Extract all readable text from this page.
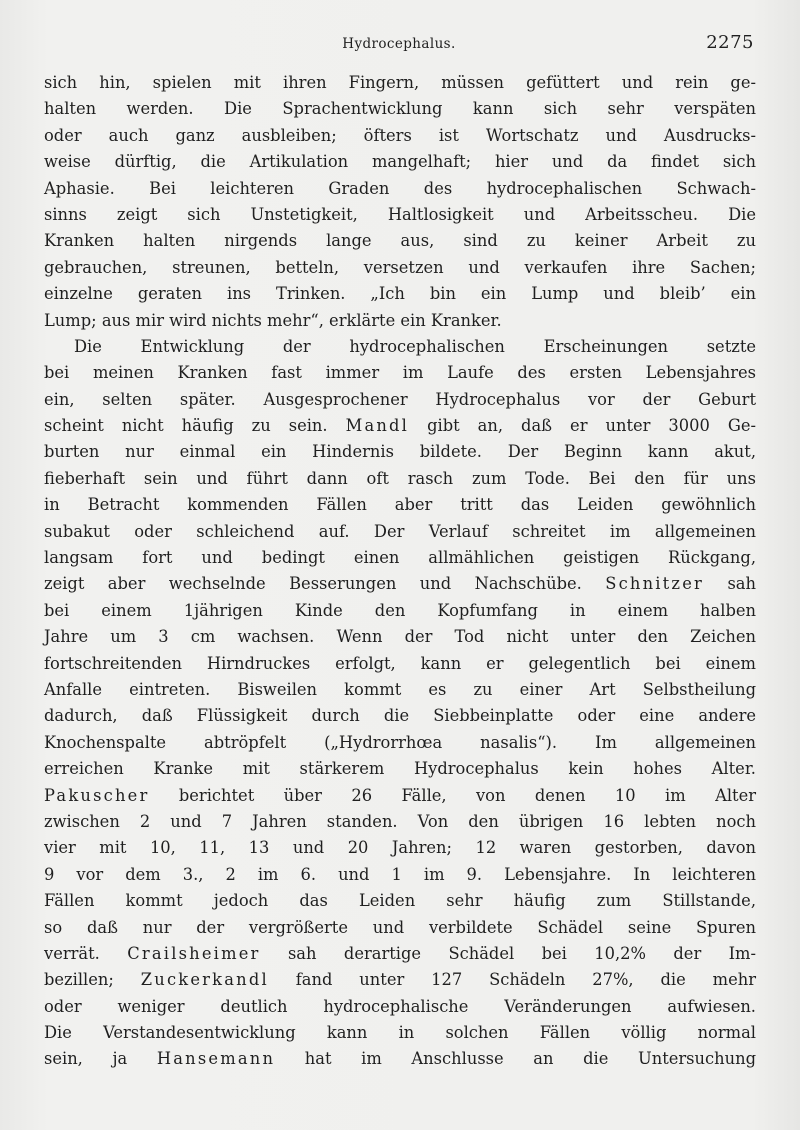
Hydrocephalus.	2275
sich hin, spielen mit ihren Fingern, müssen gefüttert und rein ge-
halten werden. Die Sprachentwicklung kann sich sehr verspäten
oder auch ganz ausbleiben; öfters ist Wortschatz und Ausdrucks-
weise dürftig, die Artikulation mangelhaft; hier und da findet sich
Aphasie. Bei leichteren Graden des hydrocephalischen Schwach-
sinns zeigt sich Unstetigkeit, Haltlosigkeit und Arbeitsscheu. Die
Kranken halten nirgends lange aus, sind zu keiner Arbeit zu
gebrauchen, streunen, betteln, versetzen und verkaufen ihre Sachen;
einzelne geraten ins Trinken. „Ich bin ein Lump und bleib’ ein
Lump; aus mir wird nichts mehr“, erklärte ein Kranker.
Die Entwicklung der hydrocephalischen Erscheinungen setzte
bei meinen Kranken fast immer im Laufe des ersten Lebensjahres
ein, selten später. Ausgesprochener Hydrocephalus vor der Geburt
scheint nicht häufig zu sein. Mandl gibt an, daß er unter 3000 Ge-
burten nur einmal ein Hindernis bildete. Der Beginn kann akut,
fieberhaft sein und führt dann oft rasch zum Tode. Bei den für uns
in Betracht kommenden Fällen aber tritt das Leiden gewöhnlich
subakut oder schleichend auf. Der Verlauf schreitet im allgemeinen
langsam fort und bedingt einen allmählichen geistigen Rückgang,
zeigt aber wechselnde Besserungen und Nachschübe. Schnitzer sah
bei einem 1jährigen Kinde den Kopfumfang in einem halben
Jahre um 3 cm wachsen. Wenn der Tod nicht unter den Zeichen
fortschreitenden Hirndruckes erfolgt, kann er gelegentlich bei einem
Anfalle eintreten. Bisweilen kommt es zu einer Art Selbstheilung
dadurch, daß Flüssigkeit durch die Siebbeinplatte oder eine andere
Knochenspalte abtröpfelt („Hydrorrhœa nasalis“). Im allgemeinen
erreichen Kranke mit stärkerem Hydrocephalus kein hohes Alter.
Pakuscher berichtet über 26 Fälle, von denen 10 im Alter
zwischen 2 und 7 Jahren standen. Von den übrigen 16 lebten noch
vier mit 10, 11, 13 und 20 Jahren; 12 waren gestorben, davon
9 vor dem 3., 2 im 6. und 1 im 9. Lebensjahre. In leichteren
Fällen kommt jedoch das Leiden sehr häufig zum Stillstande,
so daß nur der vergrößerte und verbildete Schädel seine Spuren
verrät. Crailsheimer sah derartige Schädel bei 10,2% der Im-
bezillen; Zuckerkandl fand unter 127 Schädeln 27%, die mehr
oder weniger deutlich hydrocephalische Veränderungen aufwiesen.
Die Verstandesentwicklung kann in solchen Fällen völlig normal
sein, ja Hansemann hat im Anschlusse an die Untersuchung
